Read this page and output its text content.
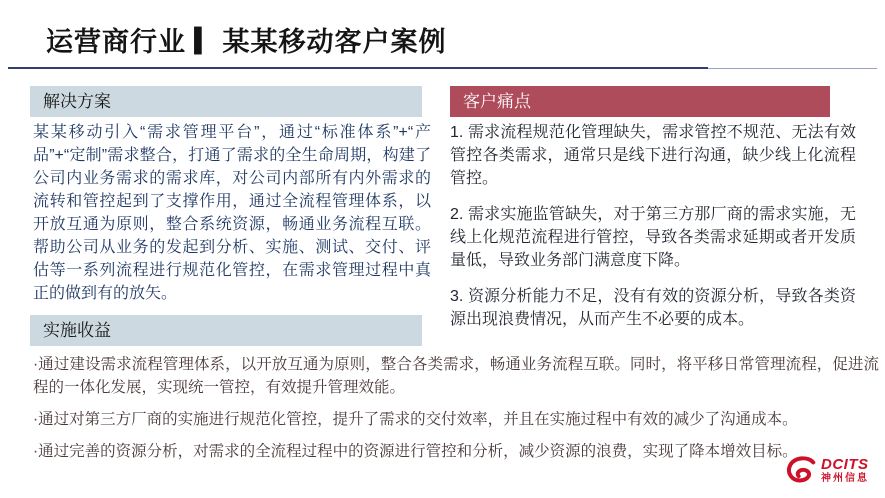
运营商行业 ▎某某移动客户案例
解决方案
某某移动引入“需求管理平台”，通过“标准体系”+“产品”+“定制”需求整合，打通了需求的全生命周期，构建了公司内业务需求的需求库，对公司内部所有内外需求的流转和管控起到了支撑作用，通过全流程管理体系，以开放互通为原则，整合系统资源，畅通业务流程互联。帮助公司从业务的发起到分析、实施、测试、交付、评估等一系列流程进行规范化管控，在需求管理过程中真正的做到有的放矢。
客户痛点

1. 需求流程规范化管理缺失，需求管控不规范、无法有效管控各类需求，通常只是线下进行沟通，缺少线上化流程管控。

2. 需求实施监管缺失，对于第三方那厂商的需求实施，无线上化规范流程进行管控，导致各类需求延期或者开发质量低，导致业务部门满意度下降。

3. 资源分析能力不足，没有有效的资源分析，导致各类资源出现浪费情况，从而产生不必要的成本。

实施收益

·通过建设需求流程管理体系，以开放互通为原则，整合各类需求，畅通业务流程互联。同时，将平移日常管理流程，促进流程的一体化发展，实现统一管控，有效提升管理效能。

·通过对第三方厂商的实施进行规范化管控，提升了需求的交付效率，并且在实施过程中有效的减少了沟通成本。

·通过完善的资源分析，对需求的全流程过程中的资源进行管控和分析，减少资源的浪费，实现了降本增效目标。

DCITS
神州信息
